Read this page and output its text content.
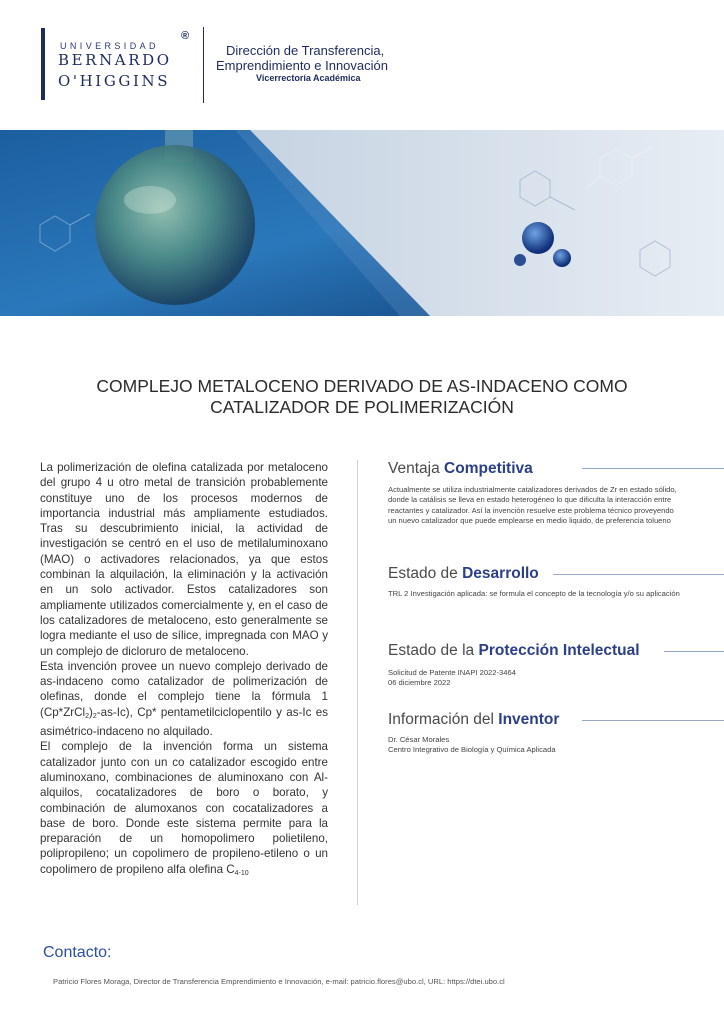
UNIVERSIDAD
®
BERNARDO
O'HIGGINS
Dirección de Transferencia,
Emprendimiento e Innovación
Vicerrectoría Académica
COMPLEJO METALOCENO DERIVADO DE AS-INDACENO COMO
CATALIZADOR DE POLIMERIZACIÓN

La polimerización de olefina catalizada por metaloceno del grupo 4 u otro metal de transición probablemente constituye uno de los procesos modernos de importancia industrial más ampliamente estudiados. Tras su descubrimiento inicial, la actividad de investigación se centró en el uso de metilaluminoxano (MAO) o activadores relacionados, ya que estos combinan la alquilación, la eliminación y la activación en un solo activador. Estos catalizadores son ampliamente utilizados comercialmente y, en el caso de los catalizadores de metaloceno, esto generalmente se logra mediante el uso de sílice, impregnada con MAO y un complejo de dicloruro de metaloceno.

Esta invención provee un nuevo complejo derivado de as-indaceno como catalizador de polimerización de olefinas, donde el complejo tiene la fórmula 1 $(Cp*ZrCl_2)_2-as-Ic$), Cp* pentametilciclopentilo y as-Ic es asimétrico-indaceno no alquilado.

El complejo de la invención forma un sistema catalizador junto con un co catalizador escogido entre aluminoxano, combinaciones de aluminoxano con Al-alquilos, cocatalizadores de boro o borato, y combinación de alumoxanos con cocatalizadores a base de boro. Donde este sistema permite para la preparación de un homopolimero polietileno, polipropileno; un copolimero de propileno-etileno o un copolimero de propileno alfa olefina $C_{4-10}$

Ventaja Competitiva
Actualmente se utiliza industrialmente catalizadores derivados de Zr en estado sólido, donde la catálisis se lleva en estado heterogéneo lo que dificulta la interacción entre reactantes y catalizador. Así la invención resuelve este problema técnico proveyendo un nuevo catalizador que puede emplearse en medio liquido, de preferencia tolueno
Estado de Desarrollo
TRL 2 Investigación aplicada: se formula el concepto de la tecnología y/o su aplicación
Estado de la Protección Intelectual
Solicitud de Patente INAPI 2022-3464
06 diciembre 2022
Información del Inventor
Dr. César Morales
Centro Integrativo de Biología y Química Aplicada
Contacto:
Patricio Flores Moraga, Director de Transferencia Emprendimiento e Innovación, e-mail: patricio.flores@ubo.cl, URL: https://dtei.ubo.cl
